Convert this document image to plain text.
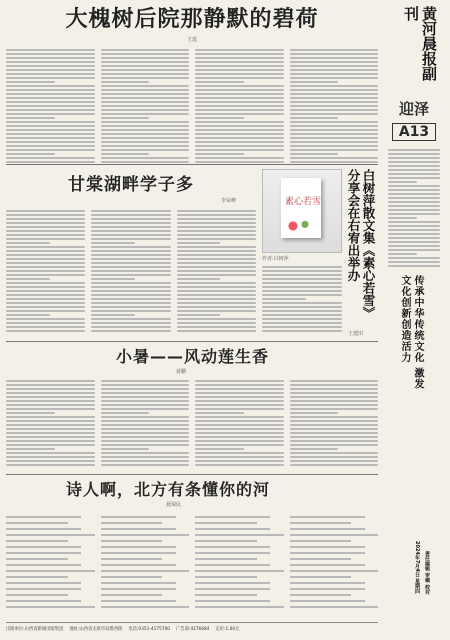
大槐树后院那静默的碧荷
王选
甘棠湖畔学子多
李荣峰	素心若雪
作者:白树萍	白树萍散文集《素心若雪》分享会在右宥出举办
王建田
小暑——风动莲生香
聂鹏
诗人啊，北方有条懂你的河
聂保民
黄河晨报副刊
迎泽
A13
传承中华传统文化 激发文化创新创造活力
2024年7月4日 星期四 责任编辑 审稿 校对
出版单位:山西省新闻出版集团 地址:山西省太原市双塔西街 电话:0351-4175700 广告部:4176684 定价:1.00元
